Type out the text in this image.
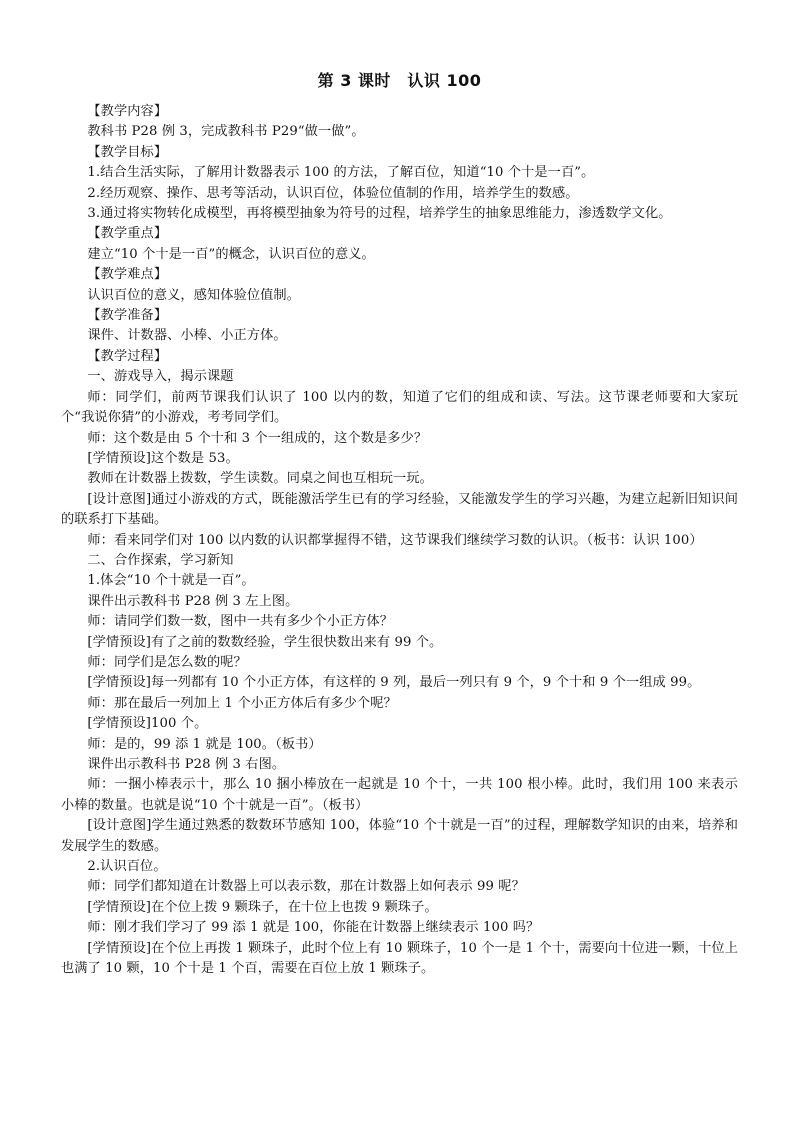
第 3 课时　认识 100

【教学内容】

教科书 P28 例 3，完成教科书 P29“做一做”。

【教学目标】

1.结合生活实际，了解用计数器表示 100 的方法，了解百位，知道“10 个十是一百”。

2.经历观察、操作、思考等活动，认识百位，体验位值制的作用，培养学生的数感。

3.通过将实物转化成模型，再将模型抽象为符号的过程，培养学生的抽象思维能力，渗透数学文化。

【教学重点】

建立“10 个十是一百”的概念，认识百位的意义。

【教学难点】

认识百位的意义，感知体验位值制。

【教学准备】

课件、计数器、小棒、小正方体。

【教学过程】

一、游戏导入，揭示课题

师：同学们，前两节课我们认识了 100 以内的数，知道了它们的组成和读、写法。这节课老师要和大家玩个“我说你猜”的小游戏，考考同学们。

师：这个数是由 5 个十和 3 个一组成的，这个数是多少？

[学情预设]这个数是 53。

教师在计数器上拨数，学生读数。同桌之间也互相玩一玩。

[设计意图]通过小游戏的方式，既能激活学生已有的学习经验，又能激发学生的学习兴趣，为建立起新旧知识间的联系打下基础。

师：看来同学们对 100 以内数的认识都掌握得不错，这节课我们继续学习数的认识。（板书：认识 100）

二、合作探索，学习新知

1.体会“10 个十就是一百”。

课件出示教科书 P28 例 3 左上图。

师：请同学们数一数，图中一共有多少个小正方体？

[学情预设]有了之前的数数经验，学生很快数出来有 99 个。

师：同学们是怎么数的呢？

[学情预设]每一列都有 10 个小正方体，有这样的 9 列，最后一列只有 9 个，9 个十和 9 个一组成 99。

师：那在最后一列加上 1 个小正方体后有多少个呢？

[学情预设]100 个。

师：是的，99 添 1 就是 100。（板书）

课件出示教科书 P28 例 3 右图。

师：一捆小棒表示十，那么 10 捆小棒放在一起就是 10 个十，一共 100 根小棒。此时，我们用 100 来表示小棒的数量。也就是说“10 个十就是一百”。（板书）

[设计意图]学生通过熟悉的数数环节感知 100，体验“10 个十就是一百”的过程，理解数学知识的由来，培养和发展学生的数感。

2.认识百位。

师：同学们都知道在计数器上可以表示数，那在计数器上如何表示 99 呢？

[学情预设]在个位上拨 9 颗珠子，在十位上也拨 9 颗珠子。

师：刚才我们学习了 99 添 1 就是 100，你能在计数器上继续表示 100 吗？

[学情预设]在个位上再拨 1 颗珠子，此时个位上有 10 颗珠子，10 个一是 1 个十，需要向十位进一颗，十位上也满了 10 颗，10 个十是 1 个百，需要在百位上放 1 颗珠子。
